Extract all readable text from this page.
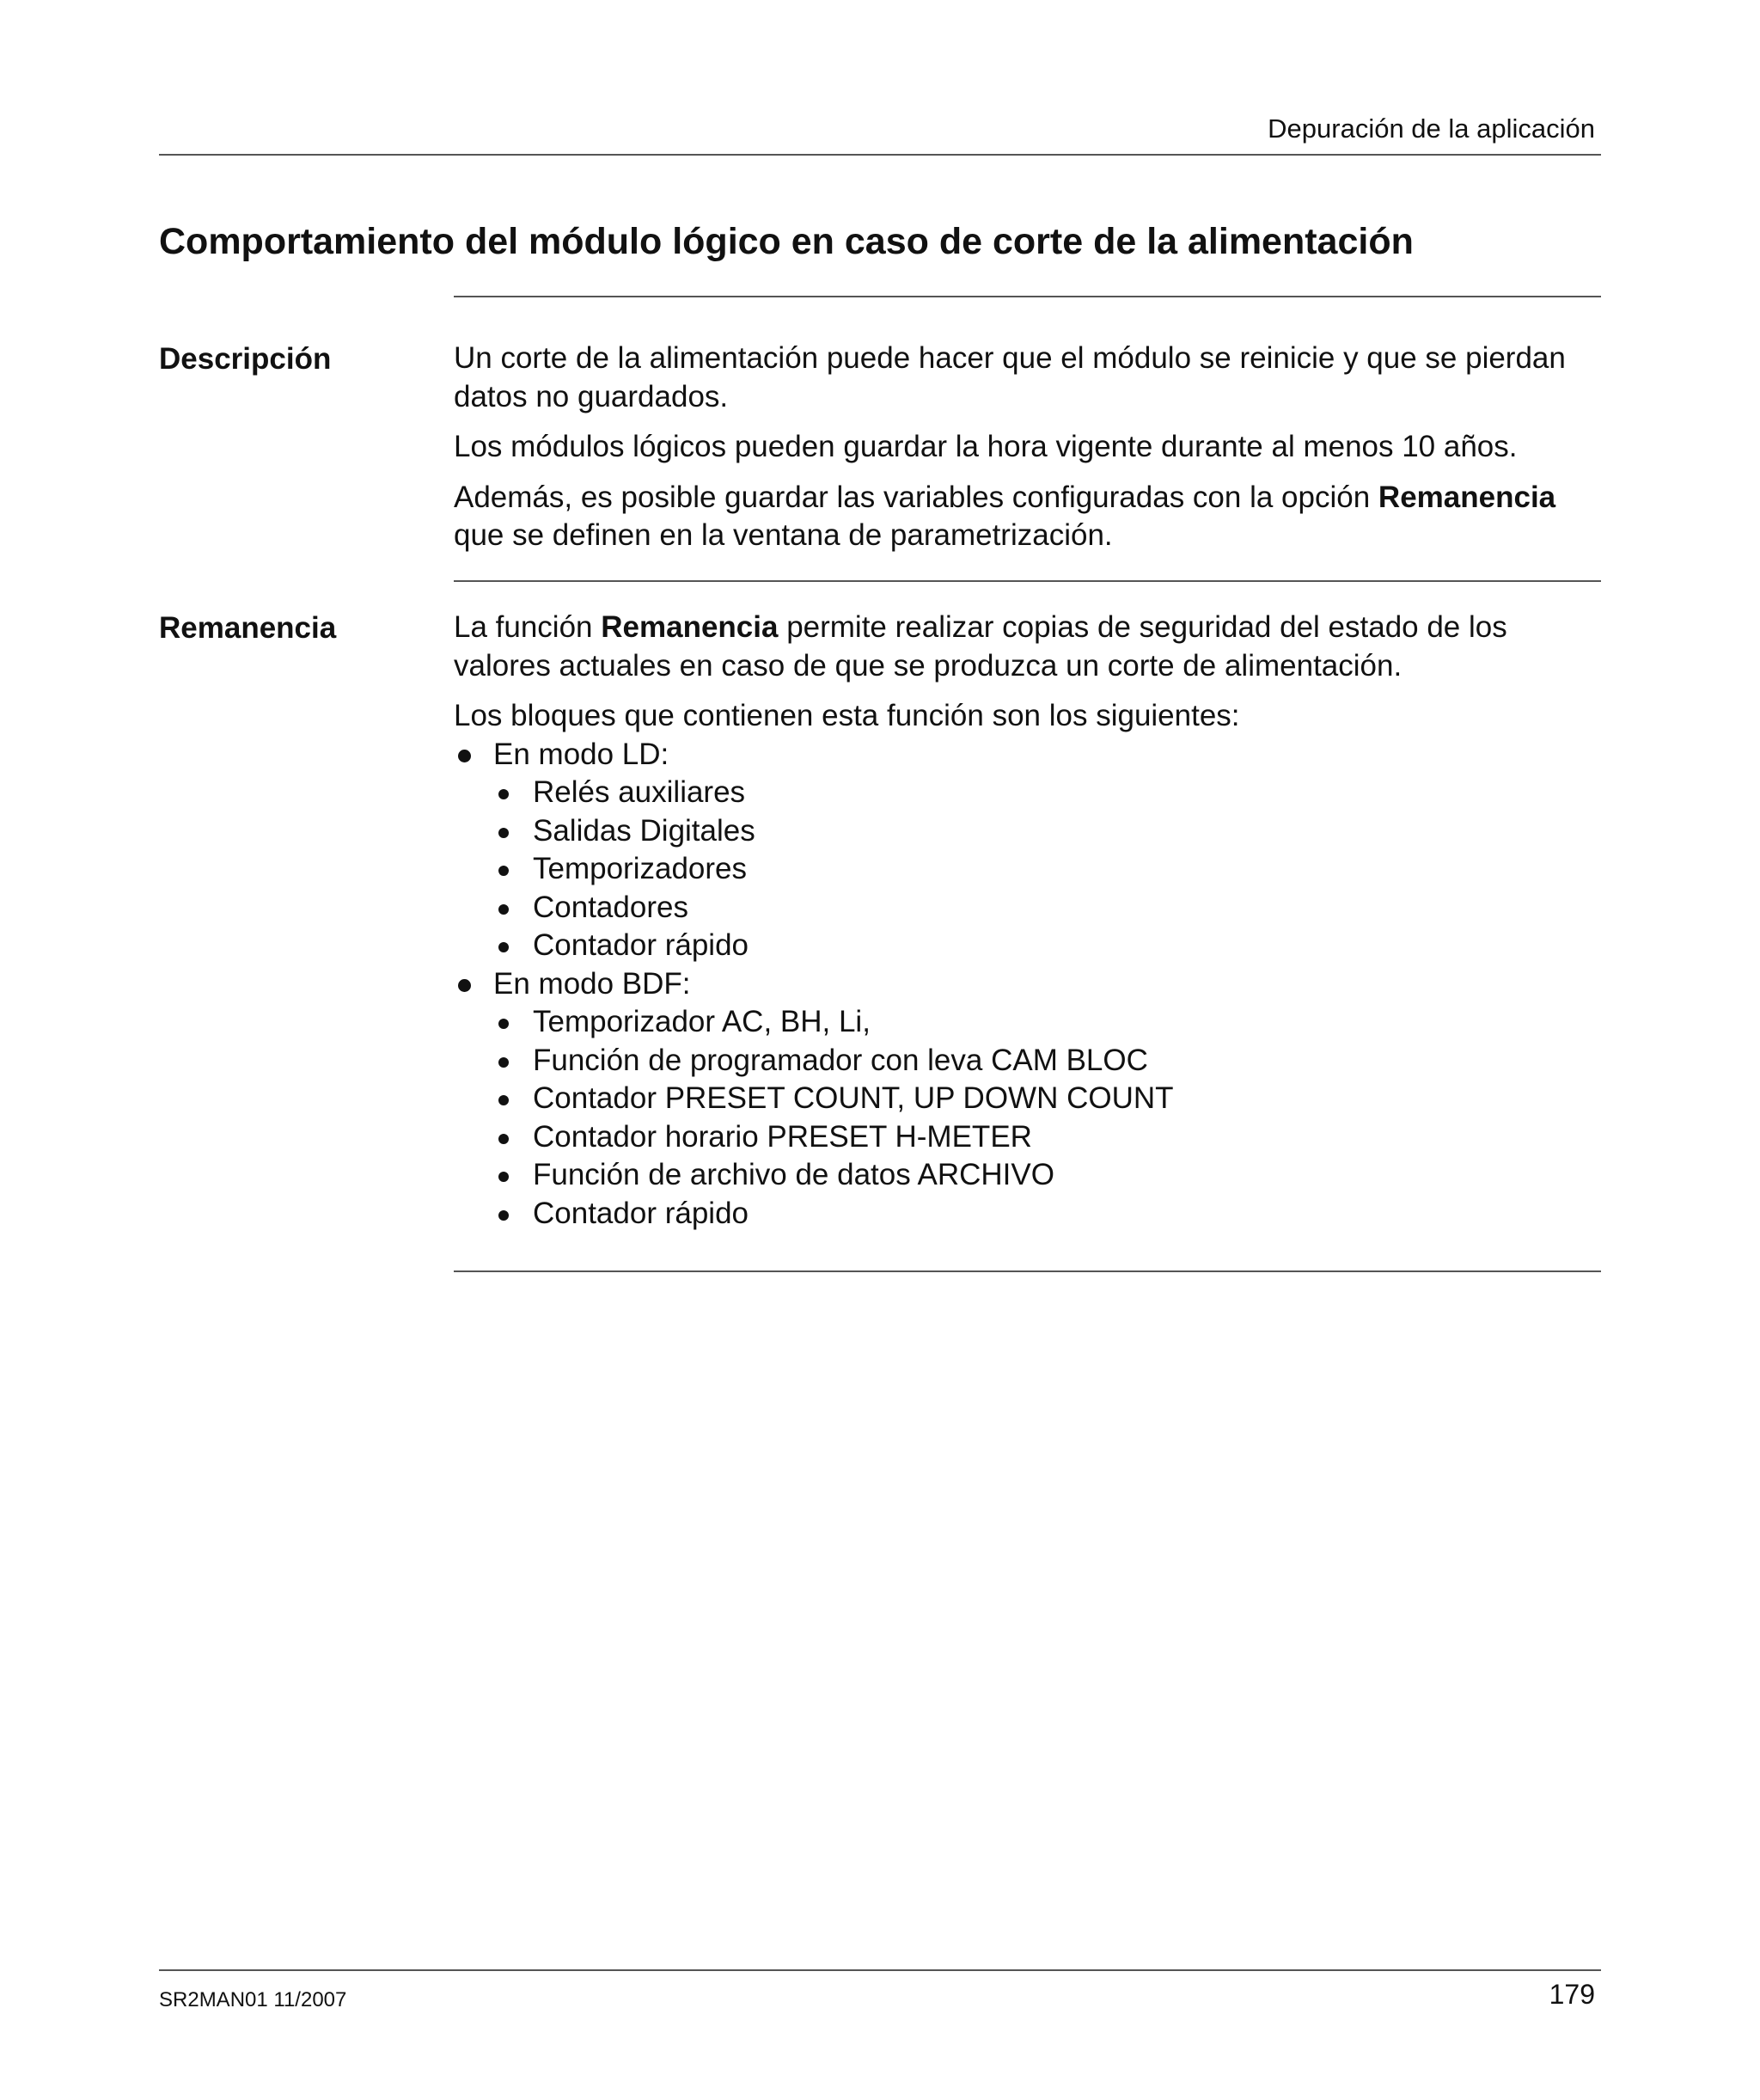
Depuración de la aplicación
Comportamiento del módulo lógico en caso de corte de la alimentación
Descripción	Un corte de la alimentación puede hacer que el módulo se reinicie y que se pierdan datos no guardados.

Los módulos lógicos pueden guardar la hora vigente durante al menos 10 años.

Además, es posible guardar las variables configuradas con la opción Remanencia que se definen en la ventana de parametrización.

Remanencia	La función Remanencia permite realizar copias de seguridad del estado de los valores actuales en caso de que se produzca un corte de alimentación.

Los bloques que contienen esta función son los siguientes:

En modo LD:
Relés auxiliares
Salidas Digitales
Temporizadores
Contadores
Contador rápido
En modo BDF:
Temporizador AC, BH, Li,
Función de programador con leva CAM BLOC
Contador PRESET COUNT, UP DOWN COUNT
Contador horario PRESET H-METER
Función de archivo de datos ARCHIVO
Contador rápido
SR2MAN01 11/2007	179
